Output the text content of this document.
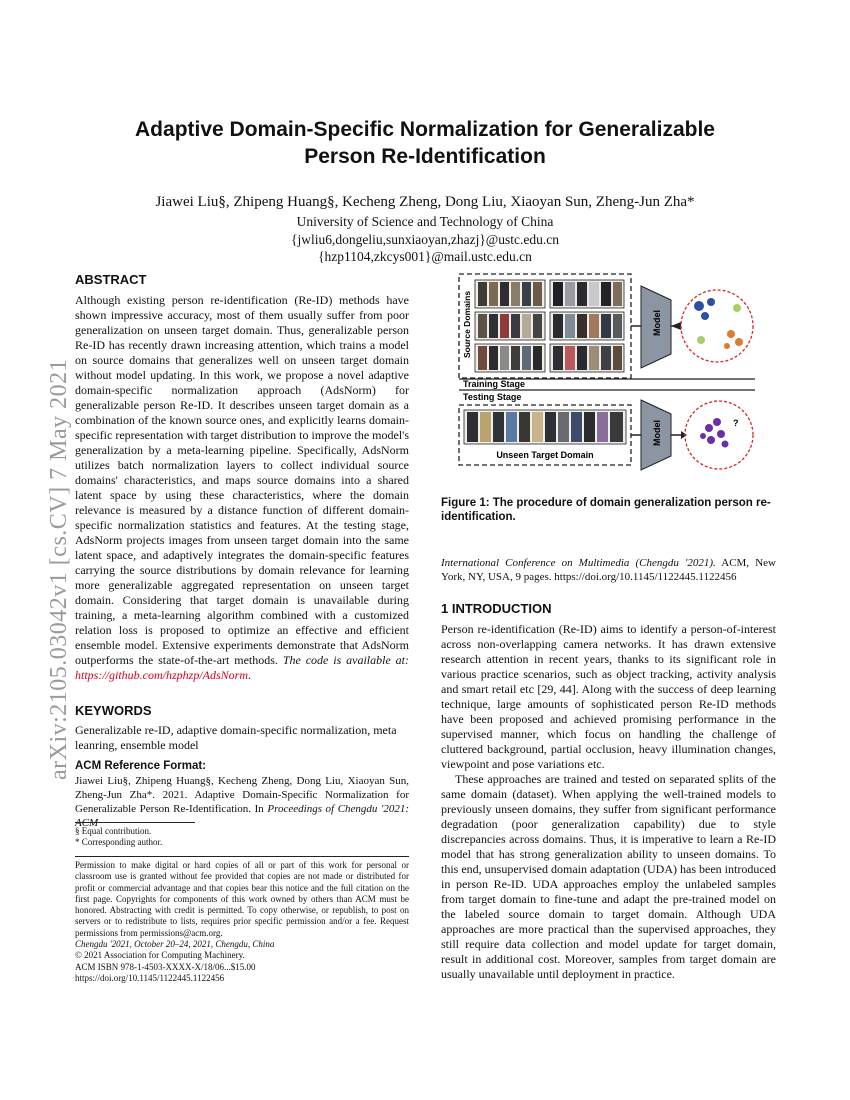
Adaptive Domain-Specific Normalization for Generalizable
Person Re-Identification
Jiawei Liu§, Zhipeng Huang§, Kecheng Zheng, Dong Liu, Xiaoyan Sun, Zheng-Jun Zha*
University of Science and Technology of China
{jwliu6,dongeliu,sunxiaoyan,zhazj}@ustc.edu.cn
{hzp1104,zkcys001}@mail.ustc.edu.cn
arXiv:2105.03042v1 [cs.CV] 7 May 2021
ABSTRACT
Although existing person re-identification (Re-ID) methods have shown impressive accuracy, most of them usually suffer from poor generalization on unseen target domain. Thus, generalizable person Re-ID has recently drawn increasing attention, which trains a model on source domains that generalizes well on unseen target domain without model updating. In this work, we propose a novel adaptive domain-specific normalization approach (AdsNorm) for generalizable person Re-ID. It describes unseen target domain as a combination of the known source ones, and explicitly learns domain-specific representation with target distribution to improve the model's generalization by a meta-learning pipeline. Specifically, AdsNorm utilizes batch normalization layers to collect individual source domains' characteristics, and maps source domains into a shared latent space by using these characteristics, where the domain relevance is measured by a distance function of different domain-specific normalization statistics and features. At the testing stage, AdsNorm projects images from unseen target domain into the same latent space, and adaptively integrates the domain-specific features carrying the source distributions by domain relevance for learning more generalizable aggregated representation on unseen target domain. Considering that target domain is unavailable during training, a meta-learning algorithm combined with a customized relation loss is proposed to optimize an effective and efficient ensemble model. Extensive experiments demonstrate that AdsNorm outperforms the state-of-the-art methods. The code is available at: https://github.com/hzphzp/AdsNorm.
KEYWORDS
Generalizable re-ID, adaptive domain-specific normalization, meta leanring, ensemble model
ACM Reference Format:
Jiawei Liu§, Zhipeng Huang§, Kecheng Zheng, Dong Liu, Xiaoyan Sun, Zheng-Jun Zha*. 2021. Adaptive Domain-Specific Normalization for Generalizable Person Re-Identification. In Proceedings of Chengdu '2021: ACM
§ Equal contribution.
* Corresponding author.
Permission to make digital or hard copies of all or part of this work for personal or classroom use is granted without fee provided that copies are not made or distributed for profit or commercial advantage and that copies bear this notice and the full citation on the first page. Copyrights for components of this work owned by others than ACM must be honored. Abstracting with credit is permitted. To copy otherwise, or republish, to post on servers or to redistribute to lists, requires prior specific permission and/or a fee. Request permissions from permissions@acm.org.
Chengdu '2021, October 20–24, 2021, Chengdu, China
© 2021 Association for Computing Machinery.
ACM ISBN 978-1-4503-XXXX-X/18/06...$15.00
https://doi.org/10.1145/1122445.1122456
Source Domains	Model
Training Stage
Testing Stage
Unseen Target Domain
Model	?
Figure 1: The procedure of domain generalization person re-identification.
International Conference on Multimedia (Chengdu '2021). ACM, New York, NY, USA, 9 pages. https://doi.org/10.1145/1122445.1122456
1 INTRODUCTION

Person re-identification (Re-ID) aims to identify a person-of-interest across non-overlapping camera networks. It has drawn extensive research attention in recent years, thanks to its significant role in various practice scenarios, such as object tracking, activity analysis and smart retail etc [29, 44]. Along with the success of deep learning technique, large amounts of sophisticated person Re-ID methods have been proposed and achieved promising performance in the supervised manner, which focus on handling the challenge of cluttered background, partial occlusion, heavy illumination changes, viewpoint and pose variations etc.

These approaches are trained and tested on separated splits of the same domain (dataset). When applying the well-trained models to previously unseen domains, they suffer from significant performance degradation (poor generalization capability) due to style discrepancies across domains. Thus, it is imperative to learn a Re-ID model that has strong generalization ability to unseen domains. To this end, unsupervised domain adaptation (UDA) has been introduced in person Re-ID. UDA approaches employ the unlabeled samples from target domain to fine-tune and adapt the pre-trained model on the labeled source domain to target domain. Although UDA approaches are more practical than the supervised approaches, they still require data collection and model update for target domain, result in additional cost. Moreover, samples from target domain are usually unavailable until deployment in practice.
